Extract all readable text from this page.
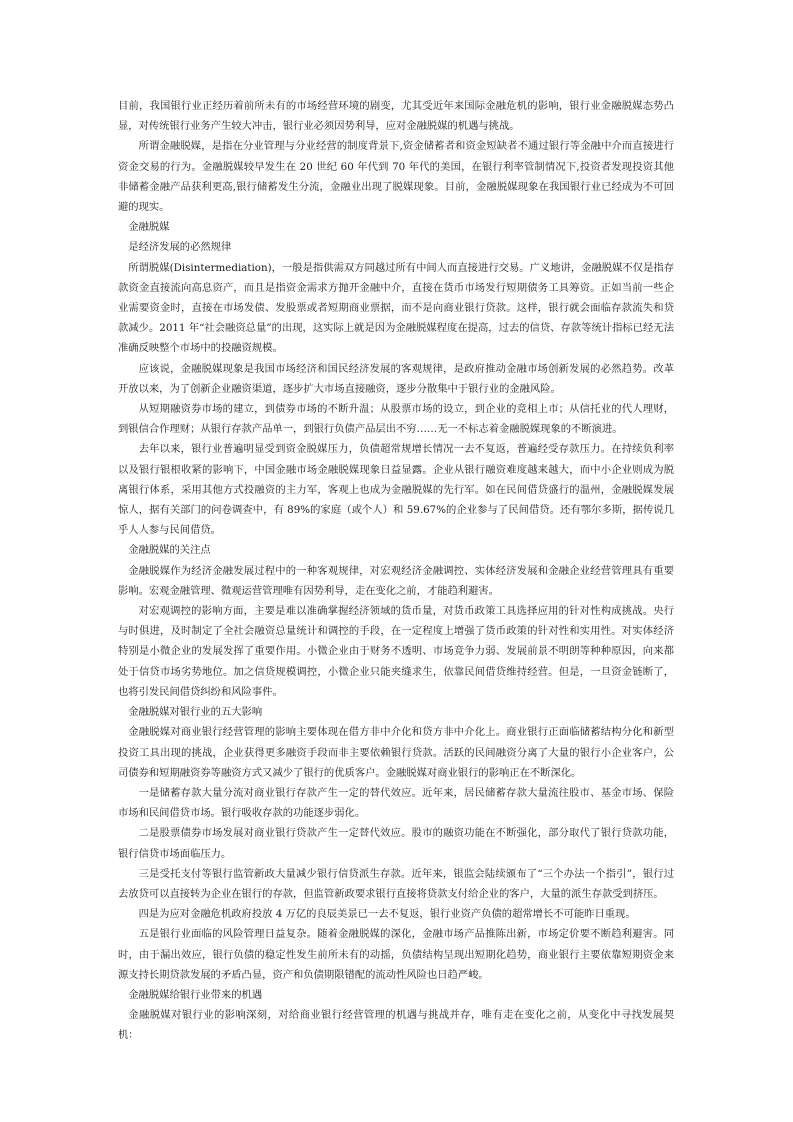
目前，我国银行业正经历着前所未有的市场经营环境的剧变，尤其受近年来国际金融危机的影响，银行业金融脱媒态势凸显，对传统银行业务产生较大冲击，银行业必须因势利导，应对金融脱媒的机遇与挑战。

所谓金融脱媒，是指在分业管理与分业经营的制度背景下,资金储蓄者和资金短缺者不通过银行等金融中介而直接进行资金交易的行为。金融脱媒较早发生在 20 世纪 60 年代到 70 年代的美国，在银行利率管制情况下,投资者发现投资其他非储蓄金融产品获利更高,银行储蓄发生分流，金融业出现了脱媒现象。目前，金融脱媒现象在我国银行业已经成为不可回避的现实。

金融脱媒

是经济发展的必然规律

所谓脱媒(Disintermediation)，一般是指供需双方同越过所有中间人而直接进行交易。广义地讲，金融脱媒不仅是指存款资金直接流向高息资产，而且是指资金需求方抛开金融中介，直接在货币市场发行短期债务工具筹资。正如当前一些企业需要资金时，直接在市场发债、发股票或者短期商业票据，而不是向商业银行贷款。这样，银行就会面临存款流失和贷款减少。2011 年“社会融资总量”的出现，这实际上就是因为金融脱媒程度在提高，过去的信贷、存款等统计指标已经无法准确反映整个市场中的投融资规模。

应该说，金融脱媒现象是我国市场经济和国民经济发展的客观规律，是政府推动金融市场创新发展的必然趋势。改革开放以来，为了创新企业融资渠道，逐步扩大市场直接融资，逐步分散集中于银行业的金融风险。

从短期融资券市场的建立，到债券市场的不断升温；从股票市场的设立，到企业的竞相上市；从信托业的代人理财，到银信合作理财；从银行存款产品单一，到银行负债产品层出不穷……无一不标志着金融脱媒现象的不断演进。

去年以来，银行业普遍明显受到资金脱媒压力，负债超常规增长情况一去不复返，普遍经受存款压力。在持续负利率以及银行银根收紧的影响下，中国金融市场金融脱媒现象日益显露。企业从银行融资难度越来越大，而中小企业则成为脱离银行体系，采用其他方式投融资的主力军，客观上也成为金融脱媒的先行军。如在民间借贷盛行的温州，金融脱媒发展惊人，据有关部门的问卷调查中，有 89%的家庭（或个人）和 59.67%的企业参与了民间借贷。还有鄂尔多斯，据传说几乎人人参与民间借贷。

金融脱媒的关注点

金融脱媒作为经济金融发展过程中的一种客观规律，对宏观经济金融调控、实体经济发展和金融企业经营管理具有重要影响。宏观金融管理、微观运营管理唯有因势利导，走在变化之前，才能趋利避害。

对宏观调控的影响方面，主要是难以准确掌握经济领域的货币量，对货币政策工具选择应用的针对性构成挑战。央行与时俱进，及时制定了全社会融资总量统计和调控的手段，在一定程度上增强了货币政策的针对性和实用性。对实体经济特别是小微企业的发展发挥了重要作用。小微企业由于财务不透明、市场竞争力弱、发展前景不明朗等种种原因，向来都处于信贷市场劣势地位。加之信贷规模调控，小微企业只能夹缝求生，依靠民间借贷维持经营。但是，一旦资金链断了，也将引发民间借贷纠纷和风险事件。

金融脱媒对银行业的五大影响

金融脱媒对商业银行经营管理的影响主要体现在借方非中介化和贷方非中介化上。商业银行正面临储蓄结构分化和新型投资工具出现的挑战，企业获得更多融资手段而非主要依赖银行贷款。活跃的民间融资分离了大量的银行小企业客户，公司债券和短期融资券等融资方式又减少了银行的优质客户。金融脱媒对商业银行的影响正在不断深化。

一是储蓄存款大量分流对商业银行存款产生一定的替代效应。近年来，居民储蓄存款大量流往股市、基金市场、保险市场和民间借贷市场。银行吸收存款的功能逐步弱化。

二是股票债券市场发展对商业银行贷款产生一定替代效应。股市的融资功能在不断强化，部分取代了银行贷款功能，银行信贷市场面临压力。

三是受托支付等银行监管新政大量减少银行信贷派生存款。近年来，银监会陆续颁布了“三个办法一个指引”，银行过去放贷可以直接转为企业在银行的存款，但监管新政要求银行直接将贷款支付给企业的客户，大量的派生存款受到挤压。

四是为应对金融危机政府投放 4 万亿的良辰美景已一去不复返，银行业资产负债的超常增长不可能昨日重现。

五是银行业面临的风险管理日益复杂。随着金融脱媒的深化，金融市场产品推陈出新，市场定价要不断趋利避害。同时，由于漏出效应，银行负债的稳定性发生前所未有的动摇，负债结构呈现出短期化趋势，商业银行主要依靠短期资金来源支持长期贷款发展的矛盾凸显，资产和负债期限错配的流动性风险也日趋严峻。

金融脱媒给银行业带来的机遇

金融脱媒对银行业的影响深刻，对给商业银行经营管理的机遇与挑战并存，唯有走在变化之前，从变化中寻找发展契机：
